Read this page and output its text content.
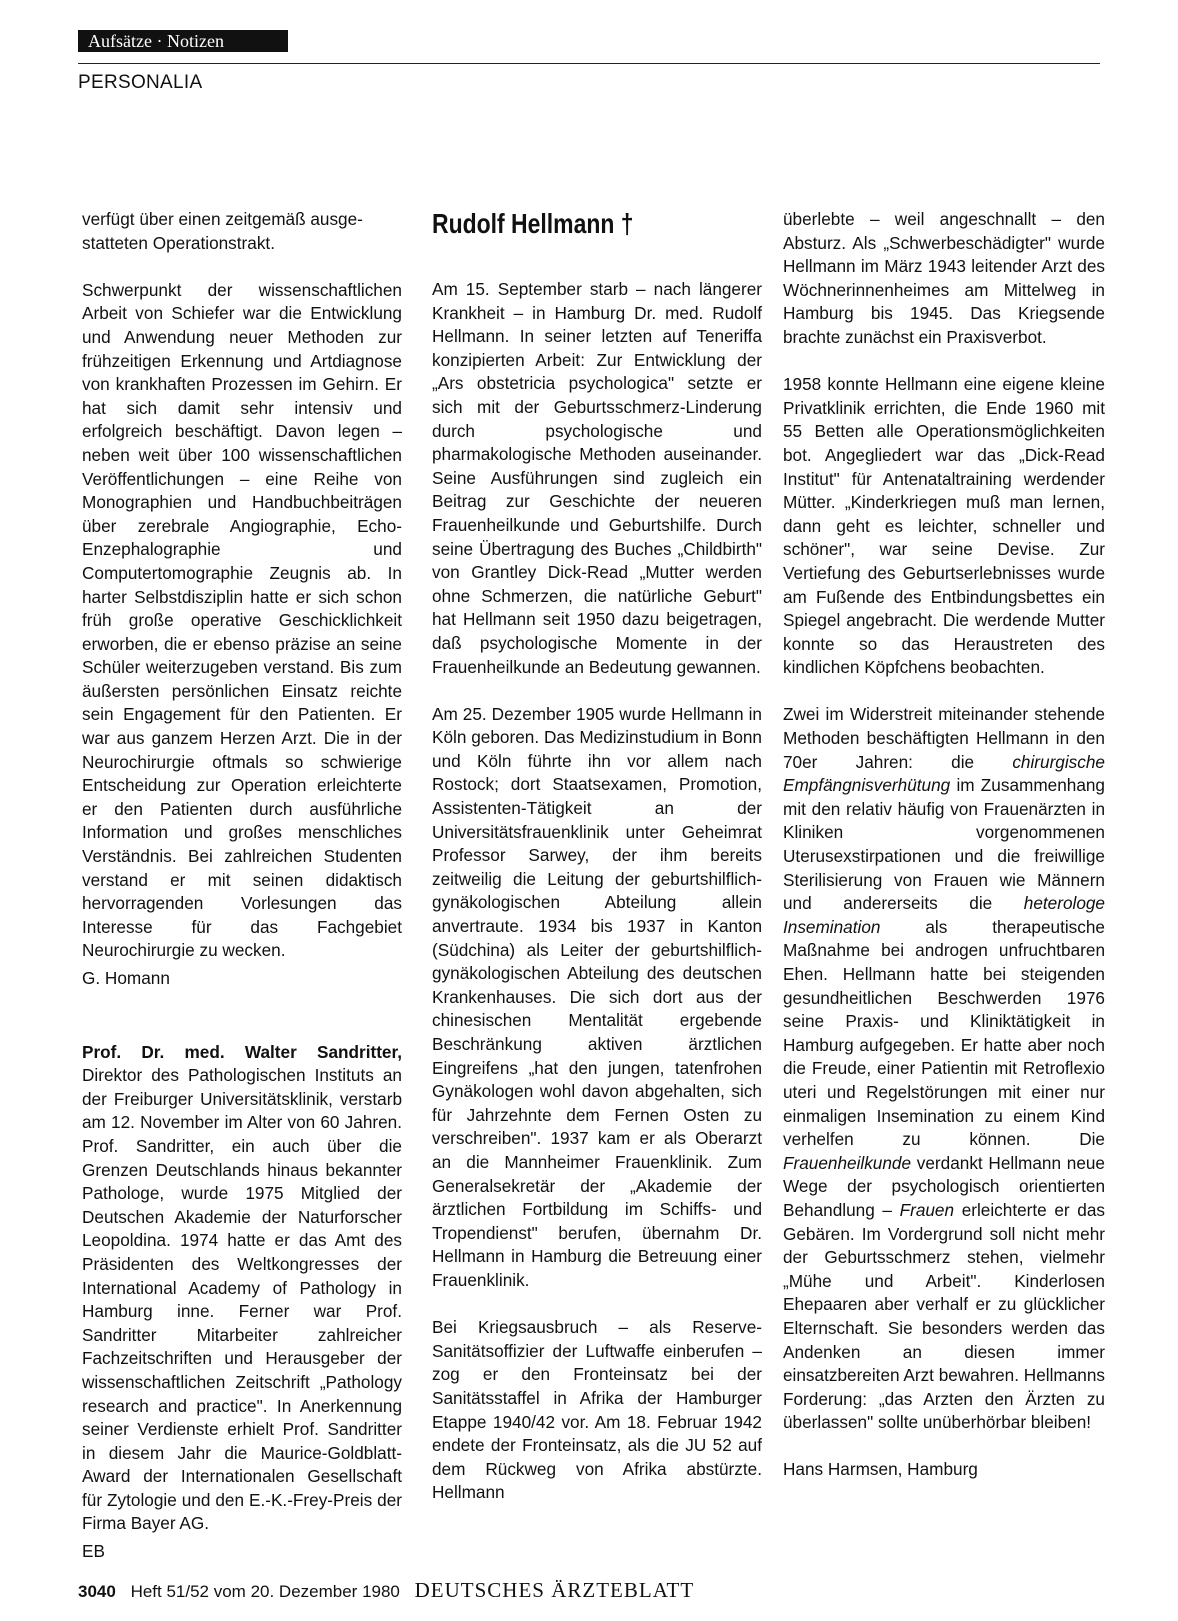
Aufsätze · Notizen
PERSONALIA

verfügt über einen zeitgemäß ausge-
statteten Operationstrakt.

Schwerpunkt der wissenschaftlichen Arbeit von Schiefer war die Entwicklung und Anwendung neuer Methoden zur frühzeitigen Erkennung und Artdiagnose von krankhaften Prozessen im Gehirn. Er hat sich damit sehr intensiv und erfolgreich beschäftigt. Davon legen – neben weit über 100 wissenschaftlichen Veröffentlichungen – eine Reihe von Monographien und Handbuchbeiträgen über zerebrale Angiographie, Echo-Enzephalographie und Computertomographie Zeugnis ab. In harter Selbstdisziplin hatte er sich schon früh große operative Geschicklichkeit erworben, die er ebenso präzise an seine Schüler weiterzugeben verstand. Bis zum äußersten persönlichen Einsatz reichte sein Engagement für den Patienten. Er war aus ganzem Herzen Arzt. Die in der Neurochirurgie oftmals so schwierige Entscheidung zur Operation erleichterte er den Patienten durch ausführliche Information und großes menschliches Verständnis. Bei zahlreichen Studenten verstand er mit seinen didaktisch hervorragenden Vorlesungen das Interesse für das Fachgebiet Neurochirurgie zu wecken.

G. Homann

Prof. Dr. med. Walter Sandritter, Direktor des Pathologischen Instituts an der Freiburger Universitätsklinik, verstarb am 12. November im Alter von 60 Jahren. Prof. Sandritter, ein auch über die Grenzen Deutschlands hinaus bekannter Pathologe, wurde 1975 Mitglied der Deutschen Akademie der Naturforscher Leopoldina. 1974 hatte er das Amt des Präsidenten des Weltkongresses der International Academy of Pathology in Hamburg inne. Ferner war Prof. Sandritter Mitarbeiter zahlreicher Fachzeitschriften und Herausgeber der wissenschaftlichen Zeitschrift „Pathology research and practice". In Anerkennung seiner Verdienste erhielt Prof. Sandritter in diesem Jahr die Maurice-Goldblatt-Award der Internationalen Gesellschaft für Zytologie und den E.-K.-Frey-Preis der Firma Bayer AG.

EB

Rudolf Hellmann †

Am 15. September starb – nach längerer Krankheit – in Hamburg Dr. med. Rudolf Hellmann. In seiner letzten auf Teneriffa konzipierten Arbeit: Zur Entwicklung der „Ars obstetricia psychologica" setzte er sich mit der Geburtsschmerz-Linderung durch psychologische und pharmakologische Methoden auseinander. Seine Ausführungen sind zugleich ein Beitrag zur Geschichte der neueren Frauenheilkunde und Geburtshilfe. Durch seine Übertragung des Buches „Childbirth" von Grantley Dick-Read „Mutter werden ohne Schmerzen, die natürliche Geburt" hat Hellmann seit 1950 dazu beigetragen, daß psychologische Momente in der Frauenheilkunde an Bedeutung gewannen.

Am 25. Dezember 1905 wurde Hellmann in Köln geboren. Das Medizinstudium in Bonn und Köln führte ihn vor allem nach Rostock; dort Staatsexamen, Promotion, Assistenten-Tätigkeit an der Universitätsfrauenklinik unter Geheimrat Professor Sarwey, der ihm bereits zeitweilig die Leitung der geburtshilflich-gynäkologischen Abteilung allein anvertraute. 1934 bis 1937 in Kanton (Südchina) als Leiter der geburtshilflich-gynäkologischen Abteilung des deutschen Krankenhauses. Die sich dort aus der chinesischen Mentalität ergebende Beschränkung aktiven ärztlichen Eingreifens „hat den jungen, tatenfrohen Gynäkologen wohl davon abgehalten, sich für Jahrzehnte dem Fernen Osten zu verschreiben". 1937 kam er als Oberarzt an die Mannheimer Frauenklinik. Zum Generalsekretär der „Akademie der ärztlichen Fortbildung im Schiffs- und Tropendienst" berufen, übernahm Dr. Hellmann in Hamburg die Betreuung einer Frauenklinik.

Bei Kriegsausbruch – als Reserve-Sanitätsoffizier der Luftwaffe einberufen – zog er den Fronteinsatz bei der Sanitätsstaffel in Afrika der Hamburger Etappe 1940/42 vor. Am 18. Februar 1942 endete der Fronteinsatz, als die JU 52 auf dem Rückweg von Afrika abstürzte. Hellmann

überlebte – weil angeschnallt – den Absturz. Als „Schwerbeschädigter" wurde Hellmann im März 1943 leitender Arzt des Wöchnerinnenheimes am Mittelweg in Hamburg bis 1945. Das Kriegsende brachte zunächst ein Praxisverbot.

1958 konnte Hellmann eine eigene kleine Privatklinik errichten, die Ende 1960 mit 55 Betten alle Operationsmöglichkeiten bot. Angegliedert war das „Dick-Read Institut" für Antenataltraining werdender Mütter. „Kinderkriegen muß man lernen, dann geht es leichter, schneller und schöner", war seine Devise. Zur Vertiefung des Geburtserlebnisses wurde am Fußende des Entbindungsbettes ein Spiegel angebracht. Die werdende Mutter konnte so das Heraustreten des kindlichen Köpfchens beobachten.

Zwei im Widerstreit miteinander stehende Methoden beschäftigten Hellmann in den 70er Jahren: die chirurgische Empfängnisverhütung im Zusammenhang mit den relativ häufig von Frauenärzten in Kliniken vorgenommenen Uterusexstirpationen und die freiwillige Sterilisierung von Frauen wie Männern und andererseits die heterologe Insemination als therapeutische Maßnahme bei androgen unfruchtbaren Ehen. Hellmann hatte bei steigenden gesundheitlichen Beschwerden 1976 seine Praxis- und Kliniktätigkeit in Hamburg aufgegeben. Er hatte aber noch die Freude, einer Patientin mit Retroflexio uteri und Regelstörungen mit einer nur einmaligen Insemination zu einem Kind verhelfen zu können. Die Frauenheilkunde verdankt Hellmann neue Wege der psychologisch orientierten Behandlung – Frauen erleichterte er das Gebären. Im Vordergrund soll nicht mehr der Geburtsschmerz stehen, vielmehr „Mühe und Arbeit". Kinderlosen Ehepaaren aber verhalf er zu glücklicher Elternschaft. Sie besonders werden das Andenken an diesen immer einsatzbereiten Arzt bewahren. Hellmanns Forderung: „das Arzten den Ärzten zu überlassen" sollte unüberhörbar bleiben!

Hans Harmsen, Hamburg

3040 Heft 51/52 vom 20. Dezember 1980 DEUTSCHES ÄRZTEBLATT
